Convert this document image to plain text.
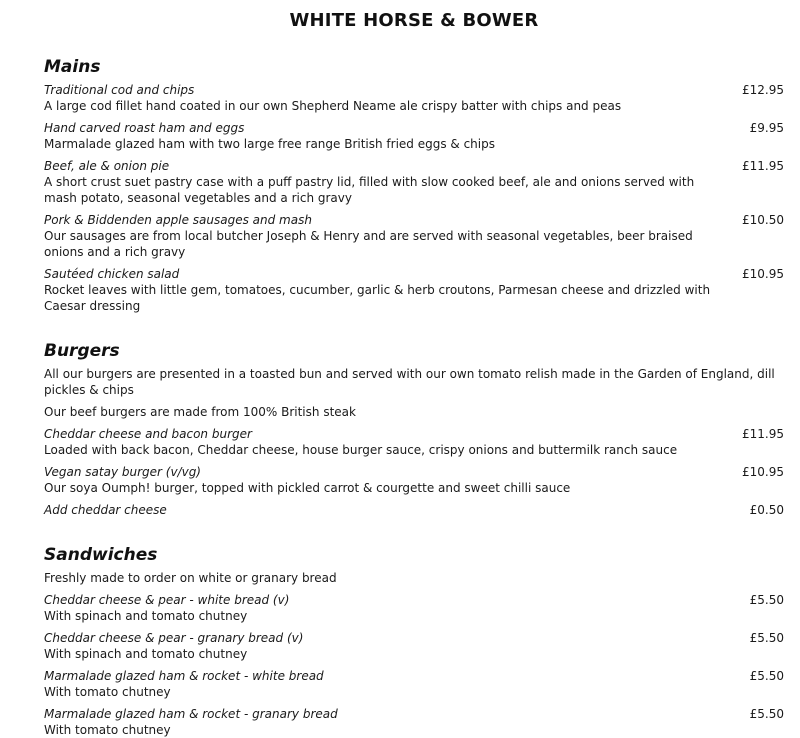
WHITE HORSE & BOWER
Mains
Traditional cod and chips
A large cod fillet hand coated in our own Shepherd Neame ale crispy batter with chips and peas
£12.95
Hand carved roast ham and eggs
Marmalade glazed ham with two large free range British fried eggs & chips
£9.95
Beef, ale & onion pie
A short crust suet pastry case with a puff pastry lid, filled with slow cooked beef, ale and onions served with mash potato, seasonal vegetables and a rich gravy
£11.95
Pork & Biddenden apple sausages and mash
Our sausages are from local butcher Joseph & Henry and are served with seasonal vegetables, beer braised onions and a rich gravy
£10.50
Sautéed chicken salad
Rocket leaves with little gem, tomatoes, cucumber, garlic & herb croutons, Parmesan cheese and drizzled with Caesar dressing
£10.95
Burgers
All our burgers are presented in a toasted bun and served with our own tomato relish made in the Garden of England, dill pickles & chips
Our beef burgers are made from 100% British steak
Cheddar cheese and bacon burger
Loaded with back bacon, Cheddar cheese, house burger sauce, crispy onions and buttermilk ranch sauce
£11.95
Vegan satay burger (v/vg)
Our soya Oumph! burger, topped with pickled carrot & courgette and sweet chilli sauce
£10.95
Add cheddar cheese	£0.50
Sandwiches
Freshly made to order on white or granary bread
Cheddar cheese & pear - white bread (v)
With spinach and tomato chutney
£5.50
Cheddar cheese & pear - granary bread (v)
With spinach and tomato chutney
£5.50
Marmalade glazed ham & rocket - white bread
With tomato chutney
£5.50
Marmalade glazed ham & rocket - granary bread
With tomato chutney
£5.50
